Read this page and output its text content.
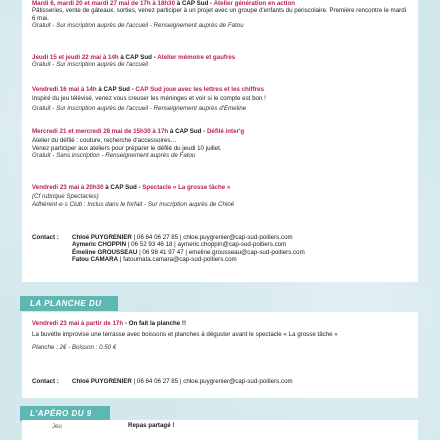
Mardi 6, mardi 20 et mardi 27 mai de 17h à 18h30 à CAP Sud - Atelier génération en action
Pâtisseries, vente de gâteaux, sorties, venez participer à un projet avec un groupe d'enfants du périscolaire. Première rencontre le mardi 6 mai.
Gratuit - Sur inscription auprès de l'accueil - Renseignement auprès de Fatou
Jeudi 15 et jeudi 22 mai à 14h à CAP Sud - Atelier mémoire et gaufres
Gratuit - Sur inscription auprès de l'accueil
Vendredi 16 mai à 14h à CAP Sud - CAP Sud joue avec les lettres et les chiffres
Inspiré du jeu télévisé, venez vous creuser les méninges et voir si le compte est bon !
Gratuit - Sur inscription auprès de l'accueil - Renseignement auprès d'Emeline
Mercredi 21 et mercredi 28 mai de 15h30 à 17h à CAP Sud - Défilé inter'g
Atelier du défilé : couture, recherche d'accessoires…
Venez participer aux ateliers pour préparer le défilé du jeudi 10 juillet.
Gratuit - Sans inscription - Renseignement auprès de Fatou
Vendredi 23 mai à 20h30 à CAP Sud - Spectacle « La grosse tâche »
(Cf rubrique Spectacles)
Adhérent·e·s Club : Inclus dans le forfait - Sur inscription auprès de Chloé
Contact :	Chloé PUYGRENIER | 06 64 06 27 85 | chloe.puygrenier@cap-sud-poitiers.com
Aymeric CHOPPIN | 06 52 93 46 18 | aymeric.choppin@cap-sud-poitiers.com
Émeline GROUSSEAU | 06 98 41 97 47 | emeline.grousseau@cap-sud-poitiers.com
Fatou CAMARA | fatoumata.camara@cap-sud-poitiers.com
LA PLANCHE DU
Vendredi 23 mai à partir de 17h - On fait la planche !!
La buvette improvise une terrasse avec boissons et planches à déguster avant le spectacle « La grosse tâche »
Planche : 2€ - Boisson : 0.50 €
Contact :	Chloé PUYGRENIER | 06 64 06 27 85 | chloe.puygrenier@cap-sud-poitiers.com
L'APÉRO DU 9
Jeu	Repas partagé !
